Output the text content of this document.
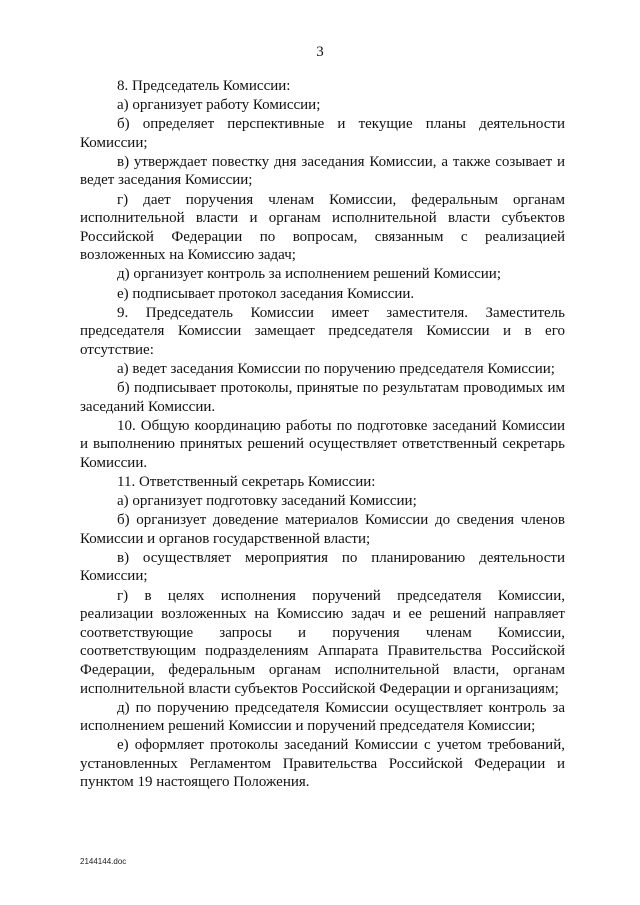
3

8. Председатель Комиссии:

а) организует работу Комиссии;

б) определяет перспективные и текущие планы деятельности Комиссии;

в) утверждает повестку дня заседания Комиссии, а также созывает и ведет заседания Комиссии;

г) дает поручения членам Комиссии, федеральным органам исполнительной власти и органам исполнительной власти субъектов Российской Федерации по вопросам, связанным с реализацией возложенных на Комиссию задач;

д) организует контроль за исполнением решений Комиссии;

е) подписывает протокол заседания Комиссии.

9. Председатель Комиссии имеет заместителя. Заместитель председателя Комиссии замещает председателя Комиссии и в его отсутствие:

а) ведет заседания Комиссии по поручению председателя Комиссии;

б) подписывает протоколы, принятые по результатам проводимых им заседаний Комиссии.

10. Общую координацию работы по подготовке заседаний Комиссии и выполнению принятых решений осуществляет ответственный секретарь Комиссии.

11. Ответственный секретарь Комиссии:

а) организует подготовку заседаний Комиссии;

б) организует доведение материалов Комиссии до сведения членов Комиссии и органов государственной власти;

в) осуществляет мероприятия по планированию деятельности Комиссии;

г) в целях исполнения поручений председателя Комиссии, реализации возложенных на Комиссию задач и ее решений направляет соответствующие запросы и поручения членам Комиссии, соответствующим подразделениям Аппарата Правительства Российской Федерации, федеральным органам исполнительной власти, органам исполнительной власти субъектов Российской Федерации и организациям;

д) по поручению председателя Комиссии осуществляет контроль за исполнением решений Комиссии и поручений председателя Комиссии;

е) оформляет протоколы заседаний Комиссии с учетом требований, установленных Регламентом Правительства Российской Федерации и пунктом 19 настоящего Положения.

2144144.doc
